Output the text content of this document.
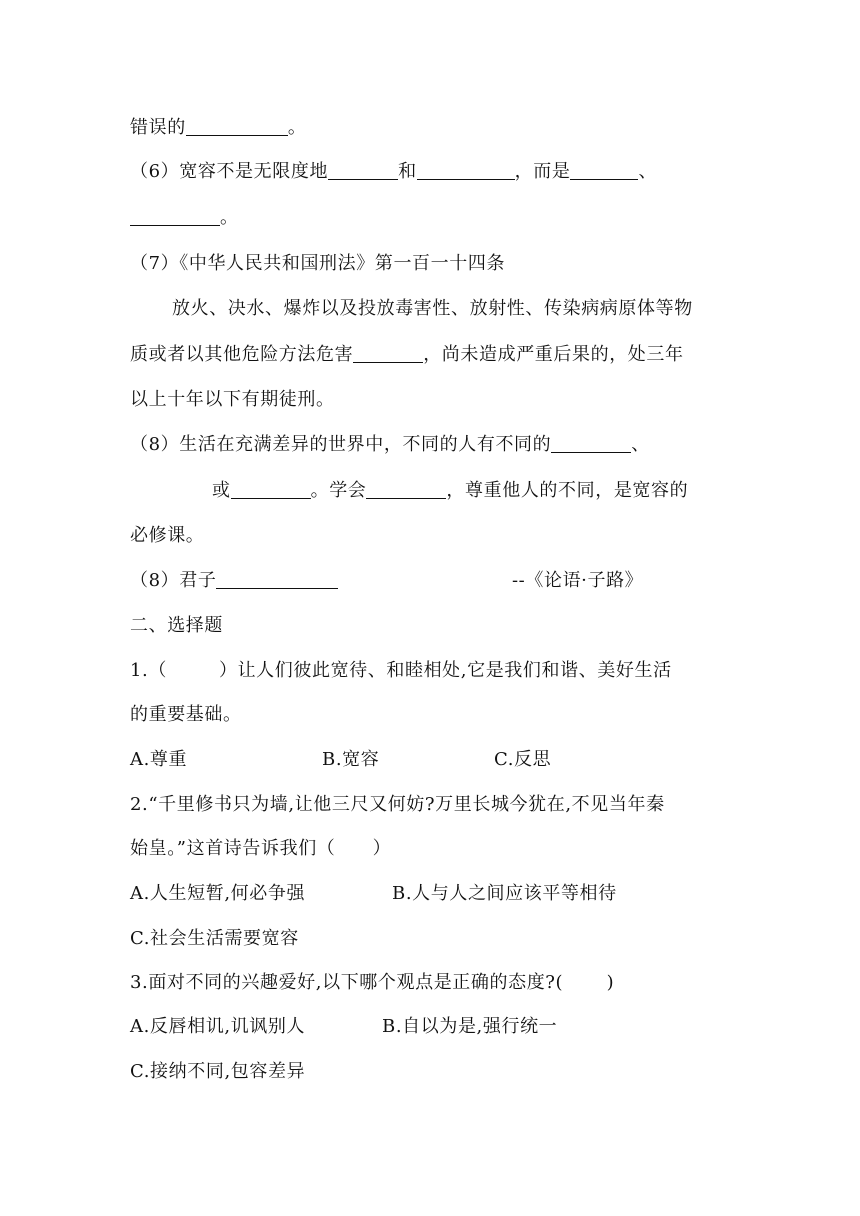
错误的	。
（6）宽容不是无限度地	和	，而是	、
。
（7）《中华人民共和国刑法》第一百一十四条
放火、决水、爆炸以及投放毒害性、放射性、传染病病原体等物
质或者以其他危险方法危害	，尚未造成严重后果的，处三年
以上十年以下有期徒刑。
（8）生活在充满差异的世界中，不同的人有不同的	、
或	。学会	，尊重他人的不同，是宽容的
必修课。
（8）君子	--《论语·子路》
二、选择题
1.（	）让人们彼此宽待、和睦相处,它是我们和谐、美好生活
的重要基础。
A.尊重	B.宽容	C.反思
2.“千里修书只为墙,让他三尺又何妨?万里长城今犹在,不见当年秦
始皇。”这首诗告诉我们（　　）
A.人生短暂,何必争强	B.人与人之间应该平等相待
C.社会生活需要宽容
3.面对不同的兴趣爱好,以下哪个观点是正确的态度?(　　 )
A.反唇相讥,讥讽别人	B.自以为是,强行统一
C.接纳不同,包容差异
